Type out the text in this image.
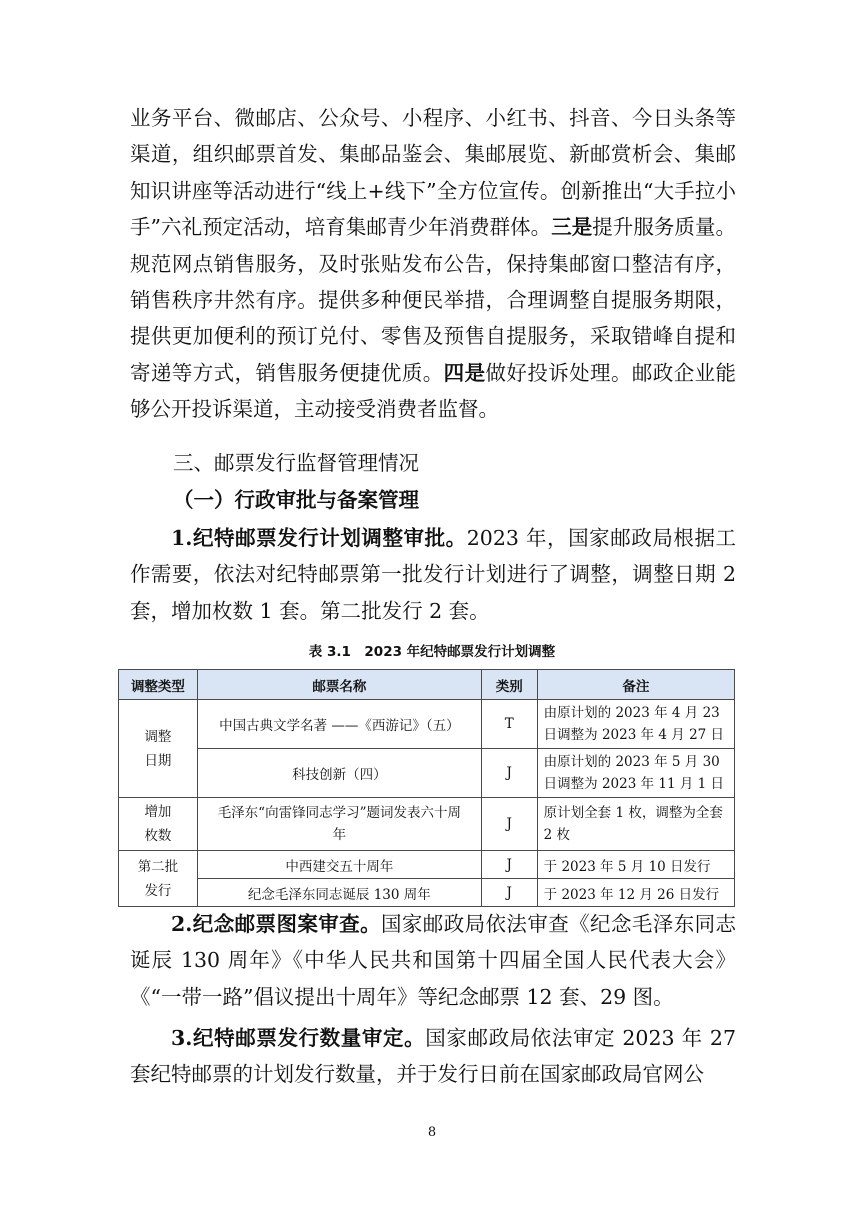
业务平台、微邮店、公众号、小程序、小红书、抖音、今日头条等渠道，组织邮票首发、集邮品鉴会、集邮展览、新邮赏析会、集邮知识讲座等活动进行“线上+线下”全方位宣传。创新推出“大手拉小手”六礼预定活动，培育集邮青少年消费群体。三是提升服务质量。规范网点销售服务，及时张贴发布公告，保持集邮窗口整洁有序，销售秩序井然有序。提供多种便民举措，合理调整自提服务期限，提供更加便利的预订兑付、零售及预售自提服务，采取错峰自提和寄递等方式，销售服务便捷优质。四是做好投诉处理。邮政企业能够公开投诉渠道，主动接受消费者监督。

三、邮票发行监督管理情况

（一）行政审批与备案管理

1.纪特邮票发行计划调整审批。2023 年，国家邮政局根据工作需要，依法对纪特邮票第一批发行计划进行了调整，调整日期 2 套，增加枚数 1 套。第二批发行 2 套。

表 3.1　2023 年纪特邮票发行计划调整
调整类型	邮票名称	类别	备注

调整日期	中国古典文学名著 ——《西游记》（五）	T	由原计划的 2023 年 4 月 23 日调整为 2023 年 4 月 27 日
	科技创新（四）	J	由原计划的 2023 年 5 月 30 日调整为 2023 年 11 月 1 日

增加枚数	毛泽东“向雷锋同志学习”题词发表六十周年	J	原计划全套 1 枚，调整为全套 2 枚

第二批发行	中西建交五十周年	J	于 2023 年 5 月 10 日发行
	纪念毛泽东同志诞辰 130 周年	J	于 2023 年 12 月 26 日发行

2.纪念邮票图案审查。国家邮政局依法审查《纪念毛泽东同志诞辰 130 周年》《中华人民共和国第十四届全国人民代表大会》《“一带一路”倡议提出十周年》等纪念邮票 12 套、29 图。

3.纪特邮票发行数量审定。国家邮政局依法审定 2023 年 27 套纪特邮票的计划发行数量，并于发行日前在国家邮政局官网公

8
